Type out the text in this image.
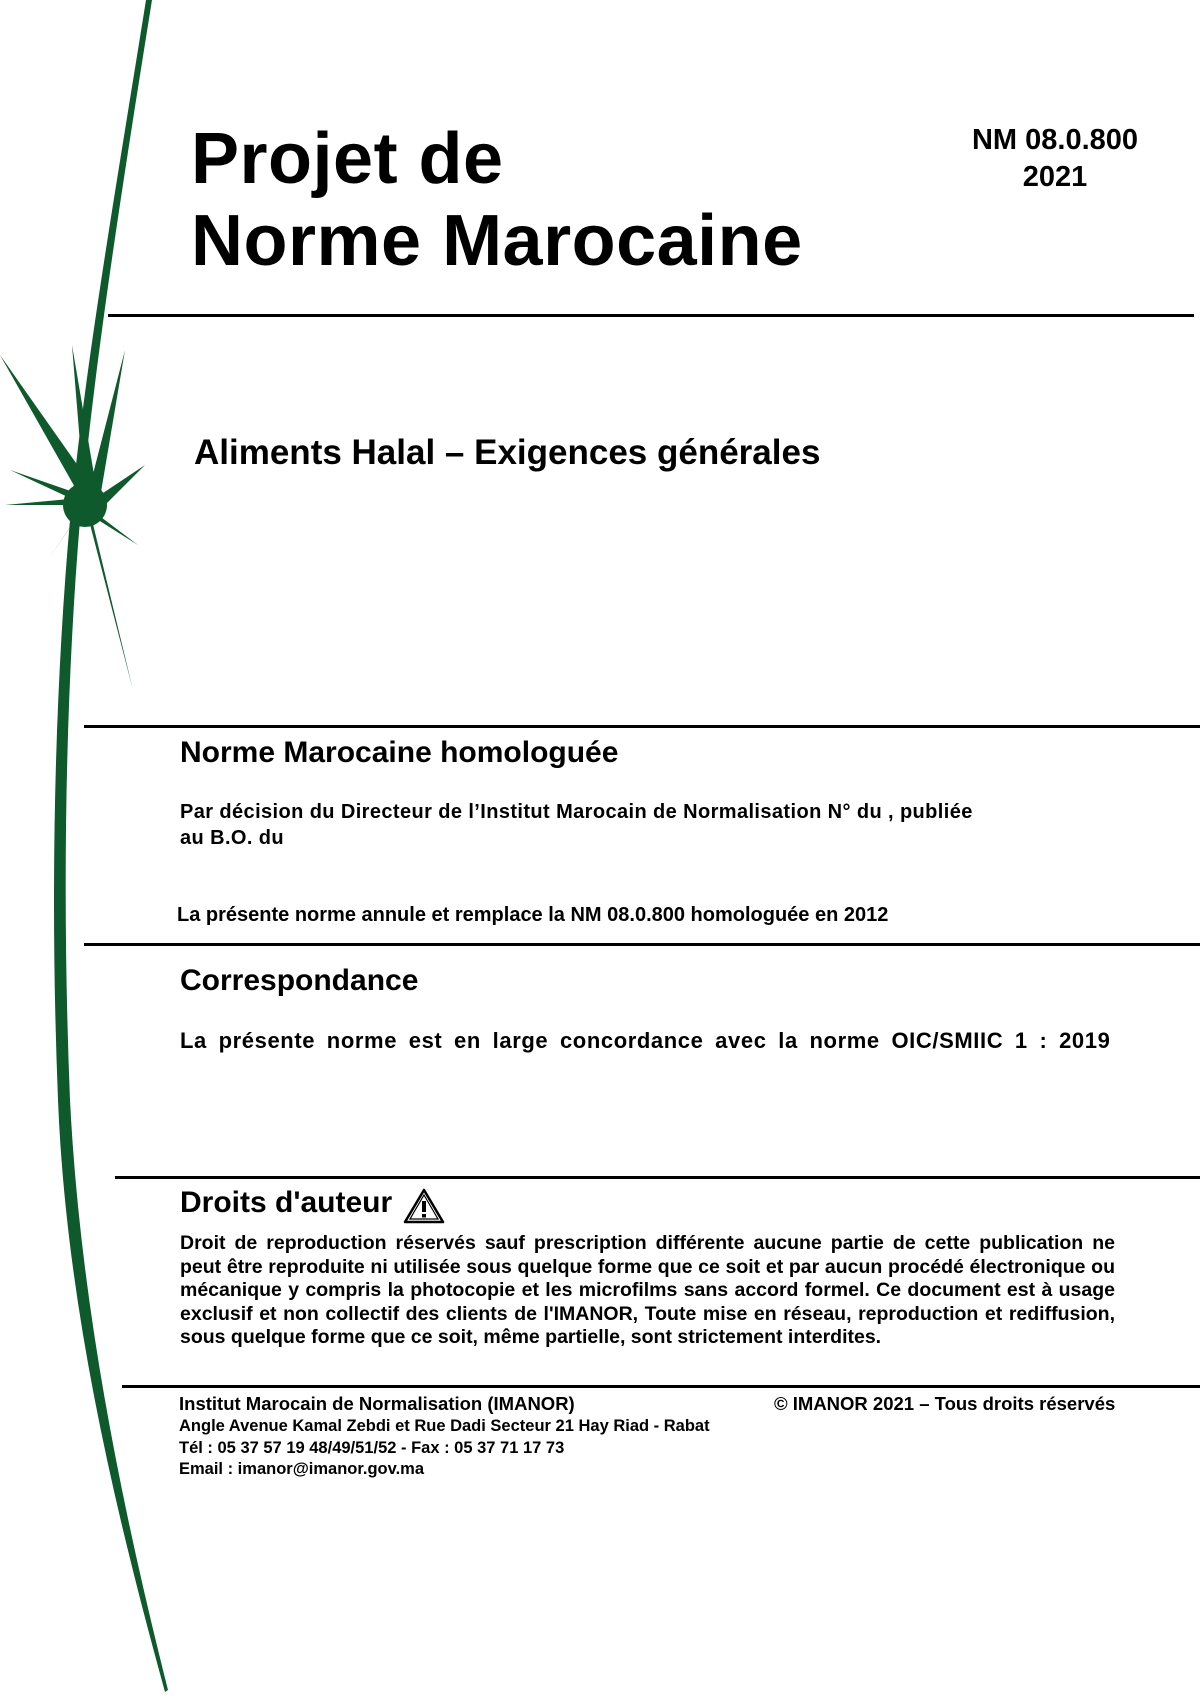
Projet de
Norme Marocaine
NM 08.0.800
2021
Aliments Halal – Exigences générales
Norme Marocaine homologuée
Par décision du Directeur de l’Institut Marocain de Normalisation N° du , publiée
au B.O. du
La présente norme annule et remplace la NM 08.0.800 homologuée en 2012
Correspondance
La présente norme est en large concordance avec la norme OIC/SMIIC 1 : 2019
Droits d'auteur
Droit de reproduction réservés sauf prescription différente aucune partie de cette publication ne peut être reproduite ni utilisée sous quelque forme que ce soit et par aucun procédé électronique ou mécanique y compris la photocopie et les microfilms sans accord formel. Ce document est à usage exclusif et non collectif des clients de l'IMANOR, Toute mise en réseau, reproduction et rediffusion, sous quelque forme que ce soit, même partielle, sont strictement interdites.
Institut Marocain de Normalisation (IMANOR)	© IMANOR 2021 – Tous droits réservés
Angle Avenue Kamal Zebdi et Rue Dadi Secteur 21 Hay Riad - Rabat
Tél : 05 37 57 19 48/49/51/52 - Fax : 05 37 71 17 73
Email : imanor@imanor.gov.ma
